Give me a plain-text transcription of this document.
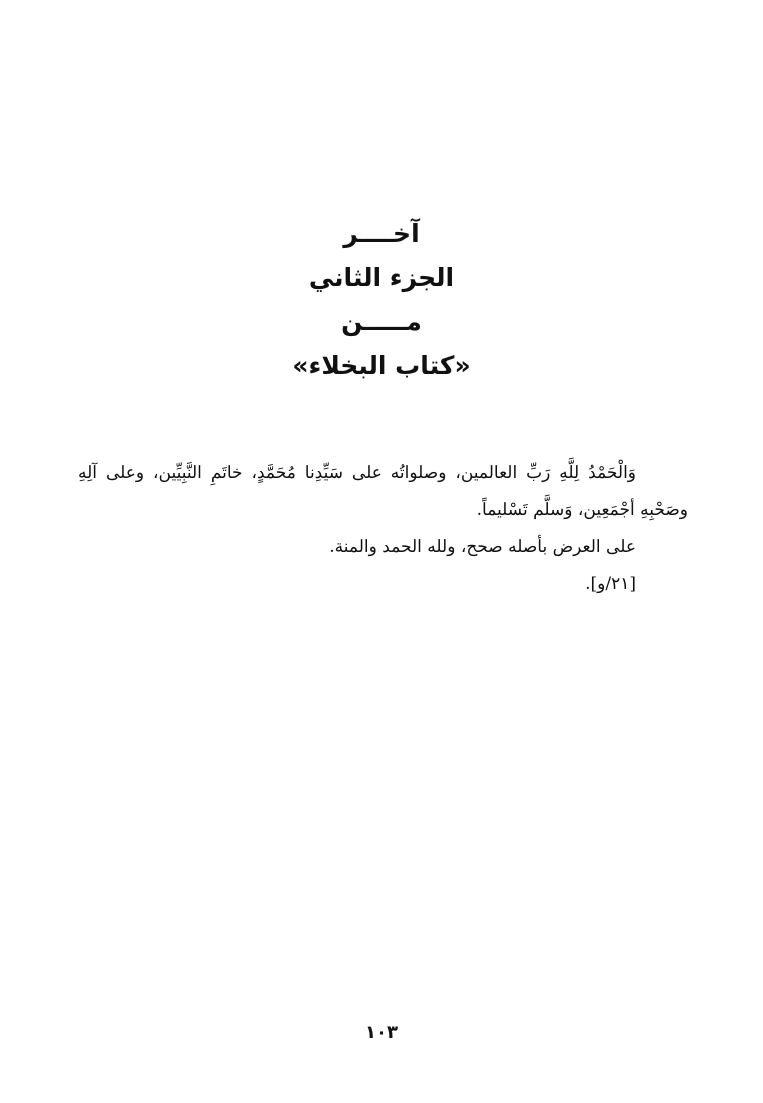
آخــــر
الجزء الثاني
مـــــن
«كتاب البخلاء»

وَالْحَمْدُ لِلَّهِ رَبِّ العالمين، وصلواتُه على سَيِّدِنا مُحَمَّدٍ، خاتَمِ النَّبِيِّين، وعلى آلِهِ وصَحْبِهِ أجْمَعِين، وَسلَّم تَسْليماً.

على العرض بأصله صحح، ولله الحمد والمنة.

[٢١/و].

١٠٣
